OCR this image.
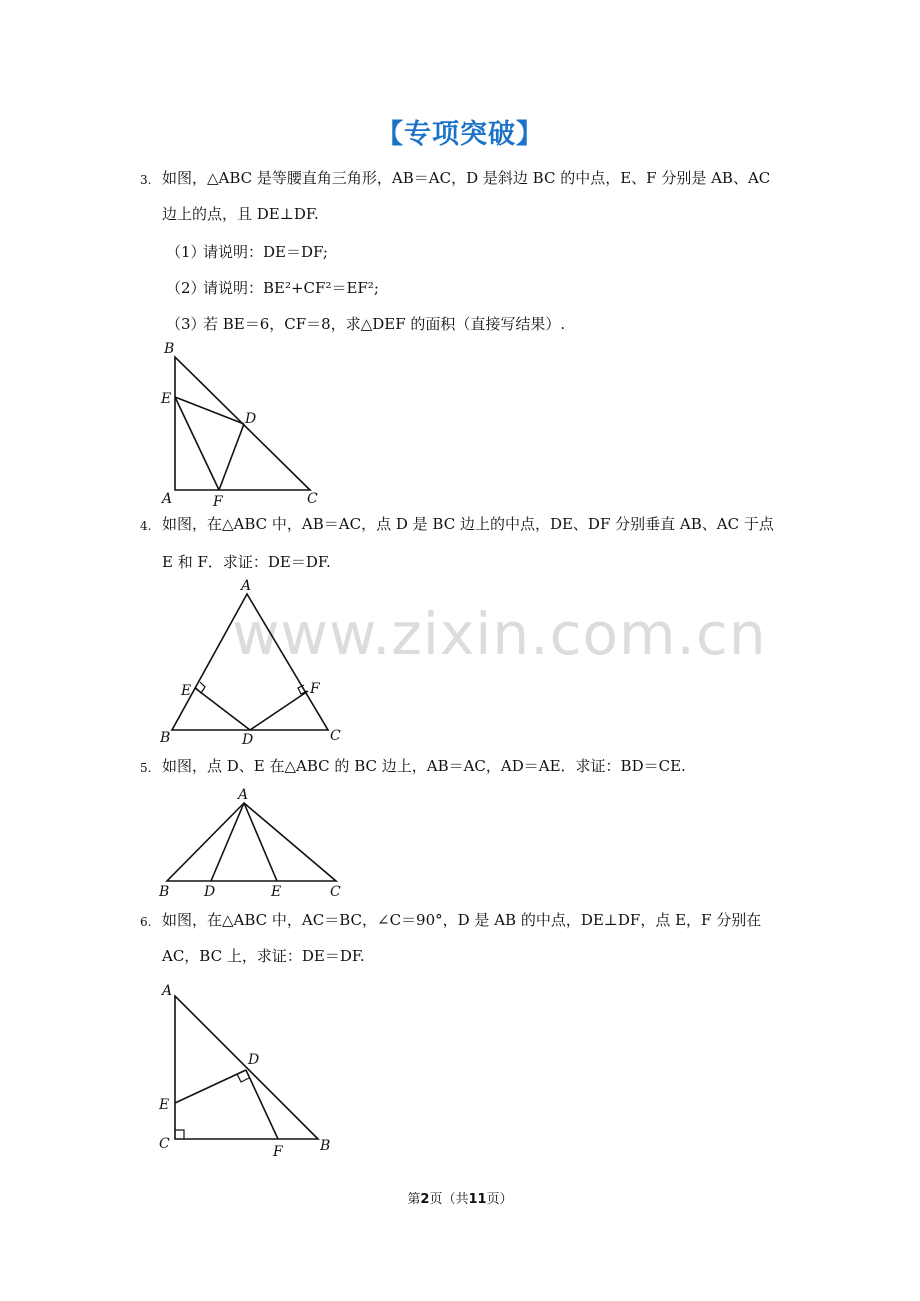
【专项突破】
www.zixin.com.cn
3. 如图，△ABC 是等腰直角三角形，AB＝AC，D 是斜边 BC 的中点，E、F 分别是 AB、AC
边上的点，且 DE⊥DF.
（1）
请说明：DE＝DF;
（2）
请说明：BE²+CF²＝EF²;
（3）
若 BE＝6，CF＝8，求△DEF 的面积（直接写结果）.
B
E
D
A	F	C
4. 如图，在△ABC 中，AB＝AC，点 D 是 BC 边上的中点，DE、DF 分别垂直 AB、AC 于点
E 和 F．求证：DE＝DF.
A
E	F
B	D	C
5. 如图，点 D、E 在△ABC 的 BC 边上，AB＝AC，AD＝AE．求证：BD＝CE.
A
B D	E	C
6. 如图，在△ABC 中，AC＝BC，∠C＝90°，D 是 AB 的中点，DE⊥DF，点 E，F 分别在
AC，BC 上，求证：DE＝DF.
A
D
E
C	F	B
第2页（共11页）
